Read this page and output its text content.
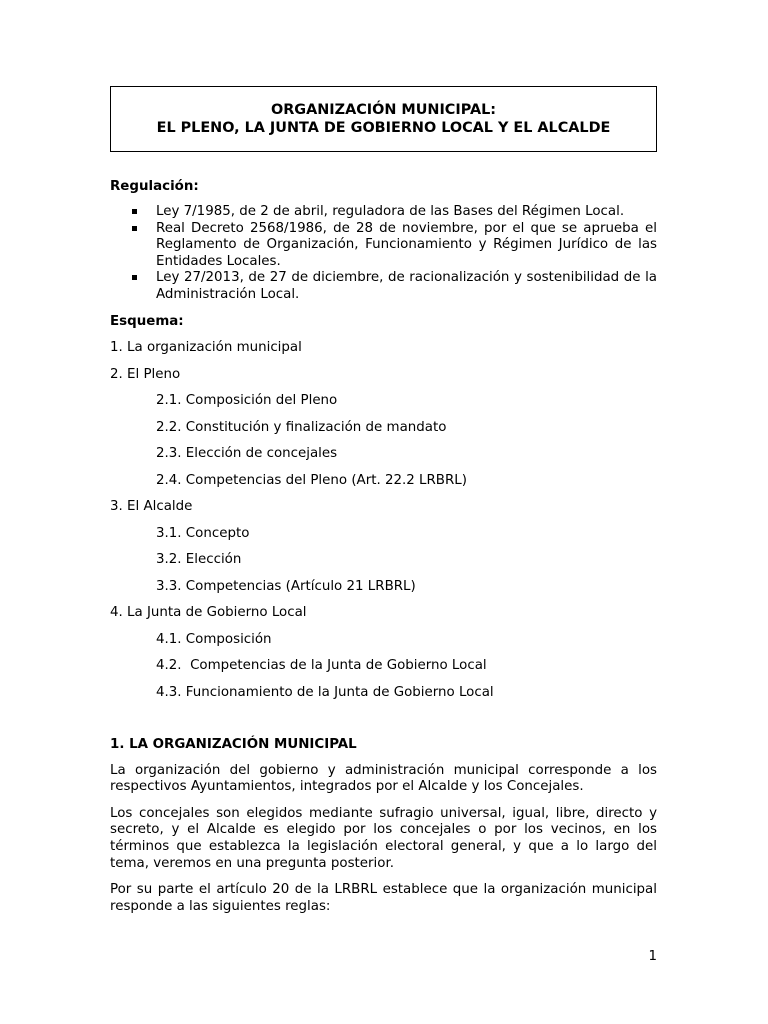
ORGANIZACIÓN MUNICIPAL:
EL PLENO, LA JUNTA DE GOBIERNO LOCAL Y EL ALCALDE
Regulación:
Ley 7/1985, de 2 de abril, reguladora de las Bases del Régimen Local.
Real Decreto 2568/1986, de 28 de noviembre, por el que se aprueba el Reglamento de Organización, Funcionamiento y Régimen Jurídico de las Entidades Locales.
Ley 27/2013, de 27 de diciembre, de racionalización y sostenibilidad de la Administración Local.

Esquema:

1. La organización municipal

2. El Pleno

2.1. Composición del Pleno

2.2. Constitución y finalización de mandato

2.3. Elección de concejales

2.4. Competencias del Pleno (Art. 22.2 LRBRL)

3. El Alcalde

3.1. Concepto

3.2. Elección

3.3. Competencias (Artículo 21 LRBRL)

4. La Junta de Gobierno Local

4.1. Composición

4.2.  Competencias de la Junta de Gobierno Local

4.3. Funcionamiento de la Junta de Gobierno Local

1. LA ORGANIZACIÓN MUNICIPAL

La organización del gobierno y administración municipal corresponde a los respectivos Ayuntamientos, integrados por el Alcalde y los Concejales.

Los concejales son elegidos mediante sufragio universal, igual, libre, directo y secreto, y el Alcalde es elegido por los concejales o por los vecinos, en los términos que establezca la legislación electoral general, y que a lo largo del tema, veremos en una pregunta posterior.

Por su parte el artículo 20 de la LRBRL establece que la organización municipal responde a las siguientes reglas:

1
